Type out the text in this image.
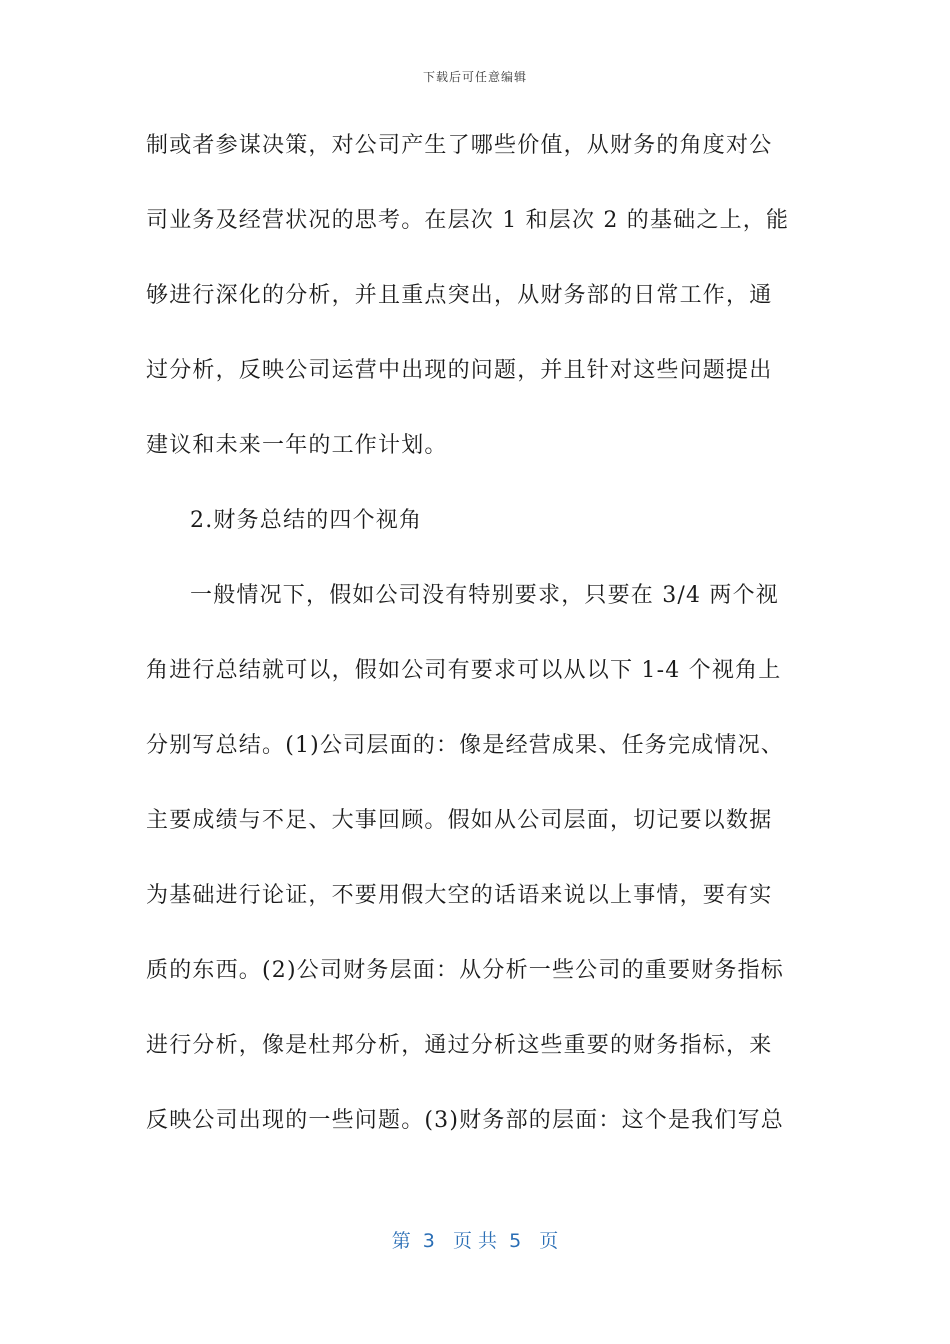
下载后可任意编辑
制或者参谋决策，对公司产生了哪些价值，从财务的角度对公
司业务及经营状况的思考。在层次 1 和层次 2 的基础之上，能
够进行深化的分析，并且重点突出，从财务部的日常工作，通
过分析，反映公司运营中出现的问题，并且针对这些问题提出
建议和未来一年的工作计划。
2.财务总结的四个视角
一般情况下，假如公司没有特别要求，只要在 3/4 两个视
角进行总结就可以，假如公司有要求可以从以下 1-4 个视角上
分别写总结。(1)公司层面的：像是经营成果、任务完成情况、
主要成绩与不足、大事回顾。假如从公司层面，切记要以数据
为基础进行论证，不要用假大空的话语来说以上事情，要有实
质的东西。(2)公司财务层面：从分析一些公司的重要财务指标
进行分析，像是杜邦分析，通过分析这些重要的财务指标，来
反映公司出现的一些问题。(3)财务部的层面：这个是我们写总
第  3   页 共  5   页
